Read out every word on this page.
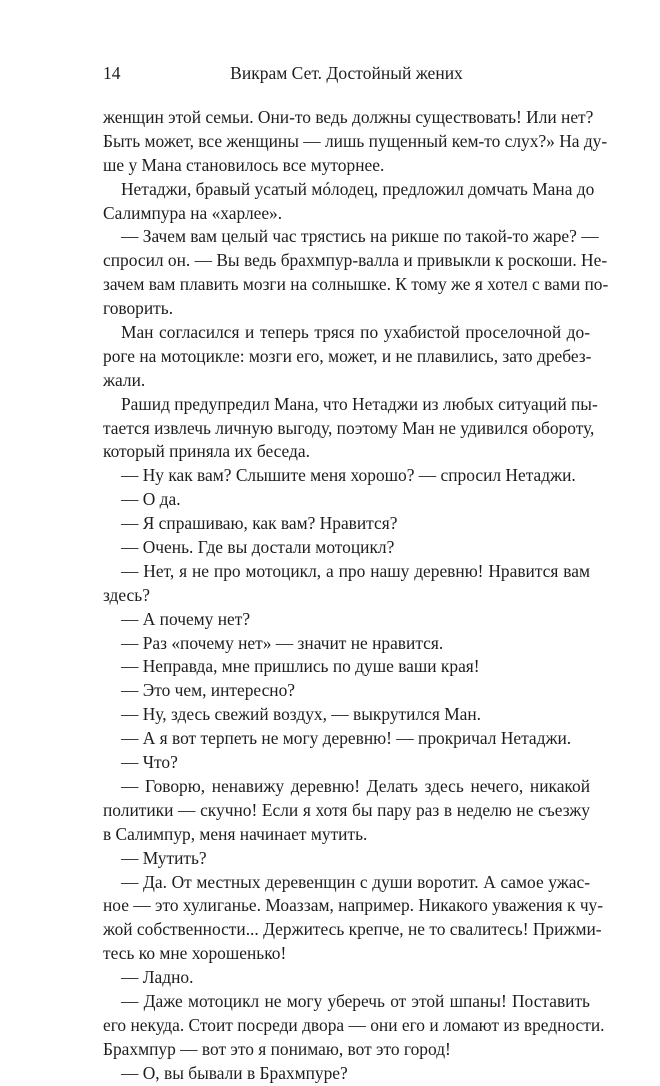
14	Викрам Сет. Достойный жених
женщин этой семьи. Они-то ведь должны существовать! Или нет?
Быть может, все женщины — лишь пущенный кем-то слух?» На ду-
ше у Мана становилось все муторнее.
Нетаджи, бравый усатый мóлодец, предложил домчать Мана до
Салимпура на «харлее».
— Зачем вам целый час трястись на рикше по такой-то жаре? —
спросил он. — Вы ведь брахмпур-валла и привыкли к роскоши. Не-
зачем вам плавить мозги на солнышке. К тому же я хотел с вами по-
говорить.
Ман согласился и теперь тряся по ухабистой проселочной до-
роге на мотоцикле: мозги его, может, и не плавились, зато дребез-
жали.
Рашид предупредил Мана, что Нетаджи из любых ситуаций пы-
тается извлечь личную выгоду, поэтому Ман не удивился обороту,
который приняла их беседа.
— Ну как вам? Слышите меня хорошо? — спросил Нетаджи.
— О да.
— Я спрашиваю, как вам? Нравится?
— Очень. Где вы достали мотоцикл?
— Нет, я не про мотоцикл, а про нашу деревню! Нравится вам
здесь?
— А почему нет?
— Раз «почему нет» — значит не нравится.
— Неправда, мне пришлись по душе ваши края!
— Это чем, интересно?
— Ну, здесь свежий воздух, — выкрутился Ман.
— А я вот терпеть не могу деревню! — прокричал Нетаджи.
— Что?
— Говорю, ненавижу деревню! Делать здесь нечего, никакой
политики — скучно! Если я хотя бы пару раз в неделю не съезжу
в Салимпур, меня начинает мутить.
— Мутить?
— Да. От местных деревенщин с души воротит. А самое ужас-
ное — это хулиганье. Моаззам, например. Никакого уважения к чу-
жой собственности... Держитесь крепче, не то свалитесь! Прижми-
тесь ко мне хорошенько!
— Ладно.
— Даже мотоцикл не могу уберечь от этой шпаны! Поставить
его некуда. Стоит посреди двора — они его и ломают из вредности.
Брахмпур — вот это я понимаю, вот это город!
— О, вы бывали в Брахмпуре?
